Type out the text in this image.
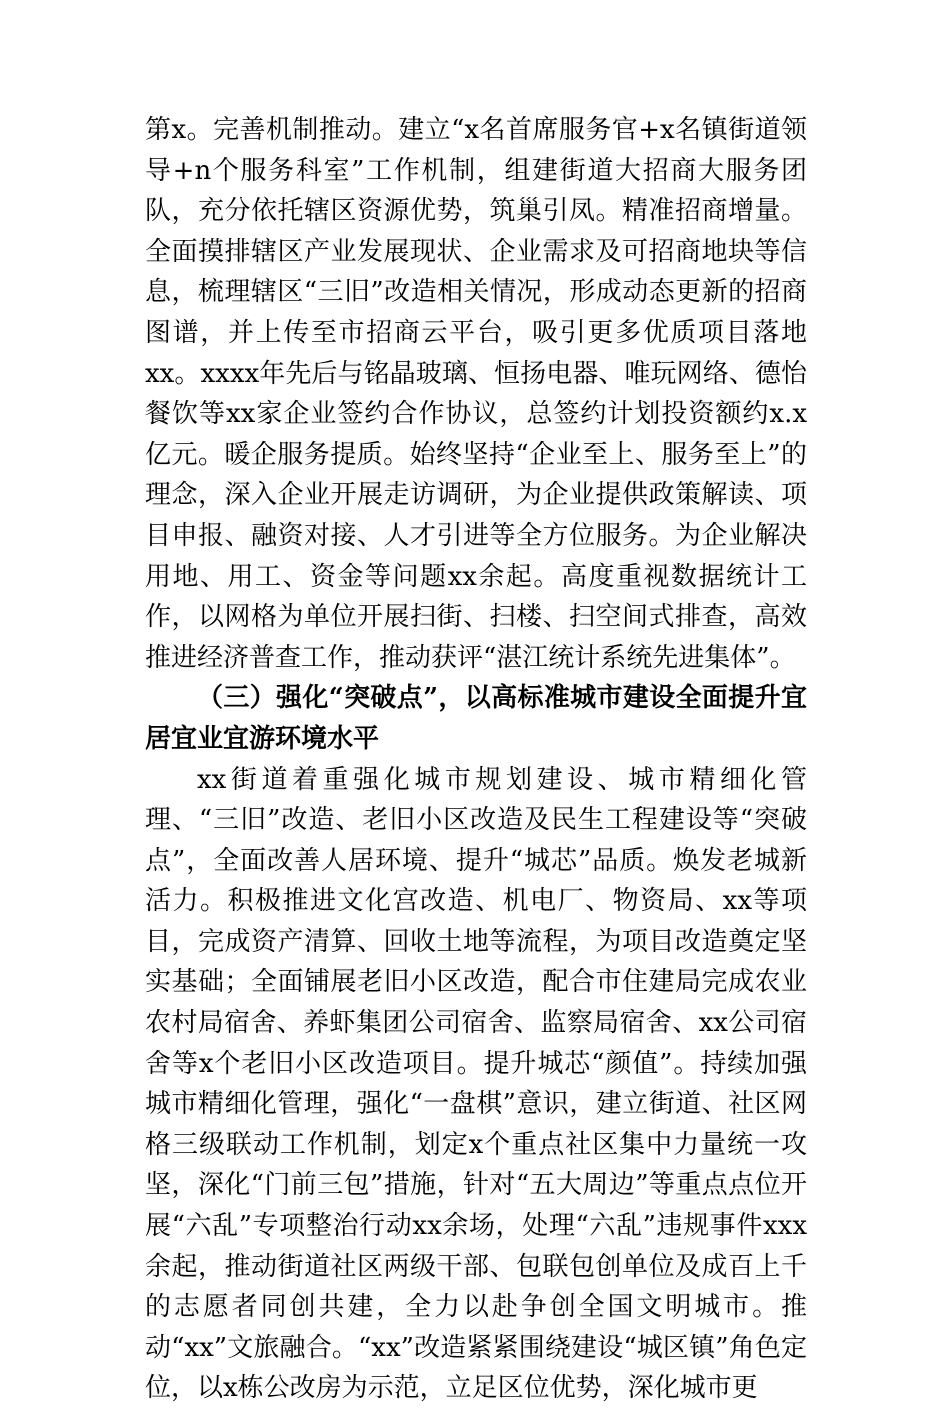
第x。完善机制推动。建立“x名首席服务官+x名镇街道领导+n个服务科室”工作机制，组建街道大招商大服务团队，充分依托辖区资源优势，筑巢引凤。精准招商增量。全面摸排辖区产业发展现状、企业需求及可招商地块等信息，梳理辖区“三旧”改造相关情况，形成动态更新的招商图谱，并上传至市招商云平台，吸引更多优质项目落地xx。xxxx年先后与铭晶玻璃、恒扬电器、唯玩网络、德怡餐饮等xx家企业签约合作协议，总签约计划投资额约x.x亿元。暖企服务提质。始终坚持“企业至上、服务至上”的理念，深入企业开展走访调研，为企业提供政策解读、项目申报、融资对接、人才引进等全方位服务。为企业解决用地、用工、资金等问题xx余起。高度重视数据统计工作，以网格为单位开展扫街、扫楼、扫空间式排查，高效推进经济普查工作，推动获评“湛江统计系统先进集体”。

（三）强化“突破点”，以高标准城市建设全面提升宜居宜业宜游环境水平

xx街道着重强化城市规划建设、城市精细化管理、“三旧”改造、老旧小区改造及民生工程建设等“突破点”，全面改善人居环境、提升“城芯”品质。焕发老城新活力。积极推进文化宫改造、机电厂、物资局、xx等项目，完成资产清算、回收土地等流程，为项目改造奠定坚实基础；全面铺展老旧小区改造，配合市住建局完成农业农村局宿舍、养虾集团公司宿舍、监察局宿舍、xx公司宿舍等x个老旧小区改造项目。提升城芯“颜值”。持续加强城市精细化管理，强化“一盘棋”意识，建立街道、社区网格三级联动工作机制，划定x个重点社区集中力量统一攻坚，深化“门前三包”措施，针对“五大周边”等重点点位开展“六乱”专项整治行动xx余场，处理“六乱”违规事件xxx余起，推动街道社区两级干部、包联包创单位及成百上千的志愿者同创共建，全力以赴争创全国文明城市。推动“xx”文旅融合。“xx”改造紧紧围绕建设“城区镇”角色定位，以x栋公改房为示范，立足区位优势，深化城市更
